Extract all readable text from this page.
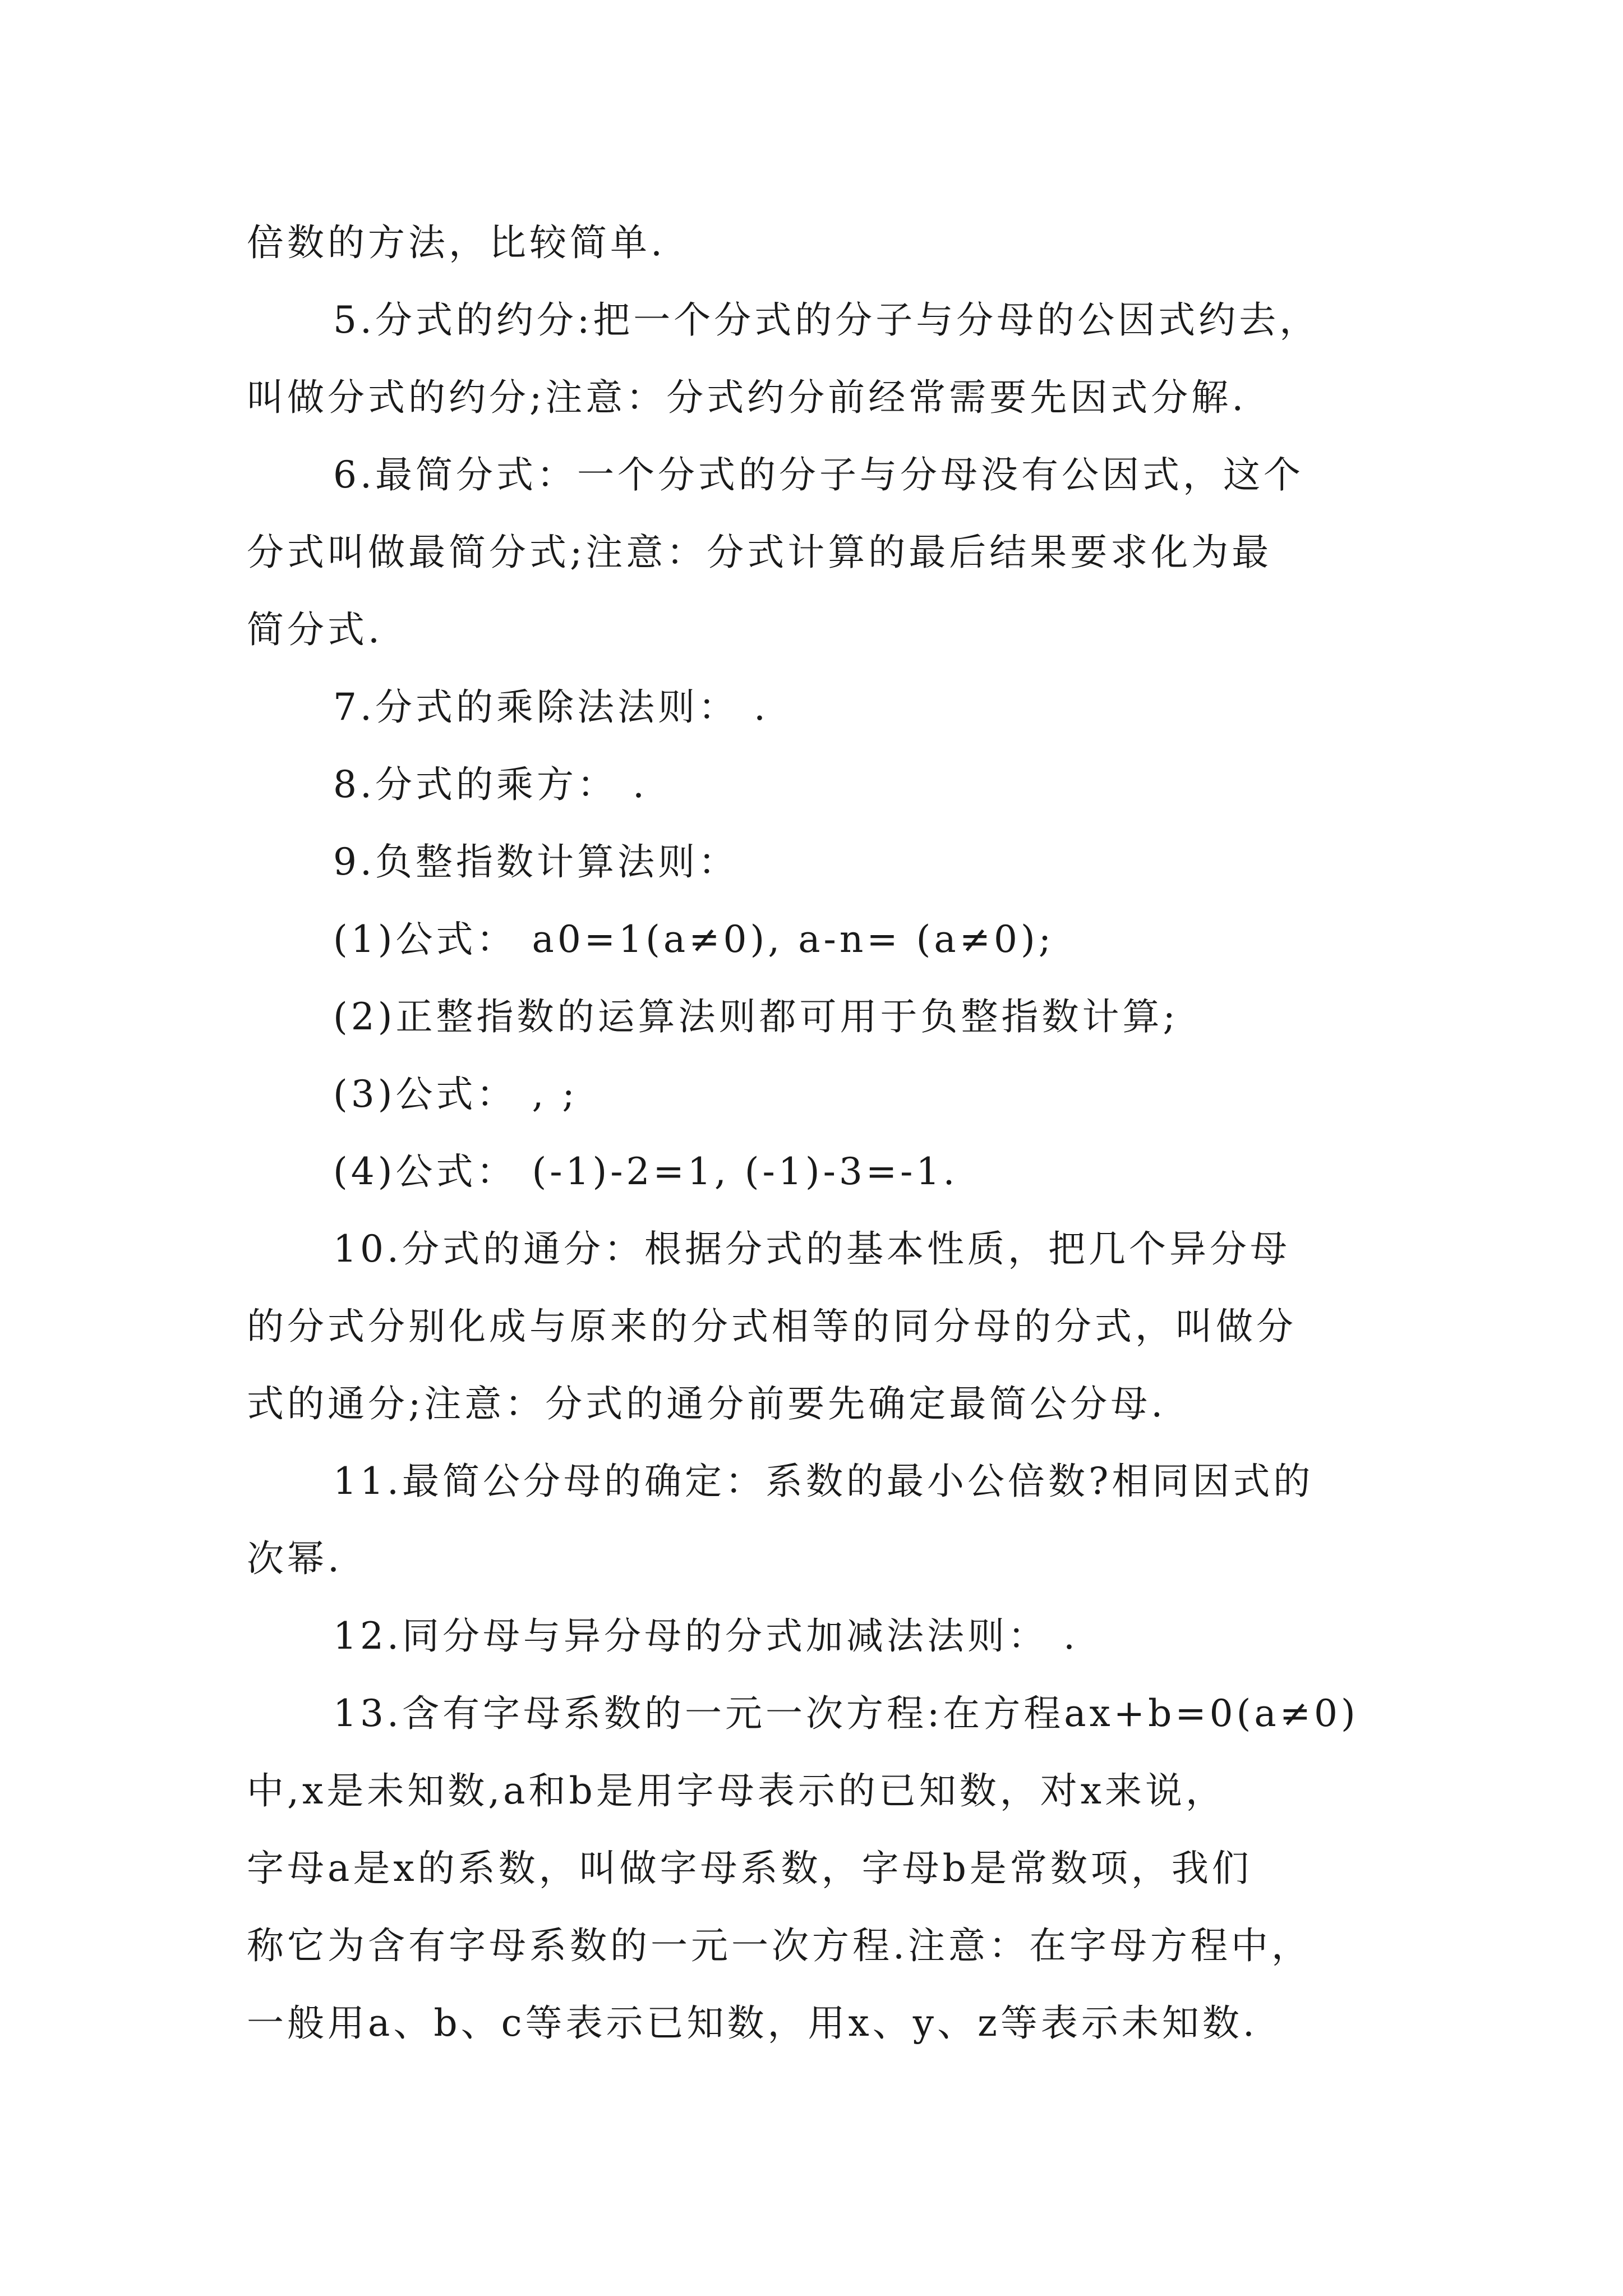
倍数的方法，比较简单.
5.分式的约分:把一个分式的分子与分母的公因式约去，
叫做分式的约分;注意：分式约分前经常需要先因式分解.
6.最简分式：一个分式的分子与分母没有公因式，这个
分式叫做最简分式;注意：分式计算的最后结果要求化为最
简分式.
7.分式的乘除法法则： .
8.分式的乘方： .
9.负整指数计算法则：
(1)公式： a0=1(a≠0), a-n= (a≠0);
(2)正整指数的运算法则都可用于负整指数计算;
(3)公式： , ;
(4)公式： (-1)-2=1, (-1)-3=-1.
10.分式的通分：根据分式的基本性质，把几个异分母
的分式分别化成与原来的分式相等的同分母的分式，叫做分
式的通分;注意：分式的通分前要先确定最简公分母.
11.最简公分母的确定：系数的最小公倍数?相同因式的
次幂.
12.同分母与异分母的分式加减法法则： .
13.含有字母系数的一元一次方程:在方程ax+b=0(a≠0)
中,x是未知数,a和b是用字母表示的已知数，对x来说，
字母a是x的系数，叫做字母系数，字母b是常数项，我们
称它为含有字母系数的一元一次方程.注意：在字母方程中，
一般用a、b、c等表示已知数，用x、y、z等表示未知数.
